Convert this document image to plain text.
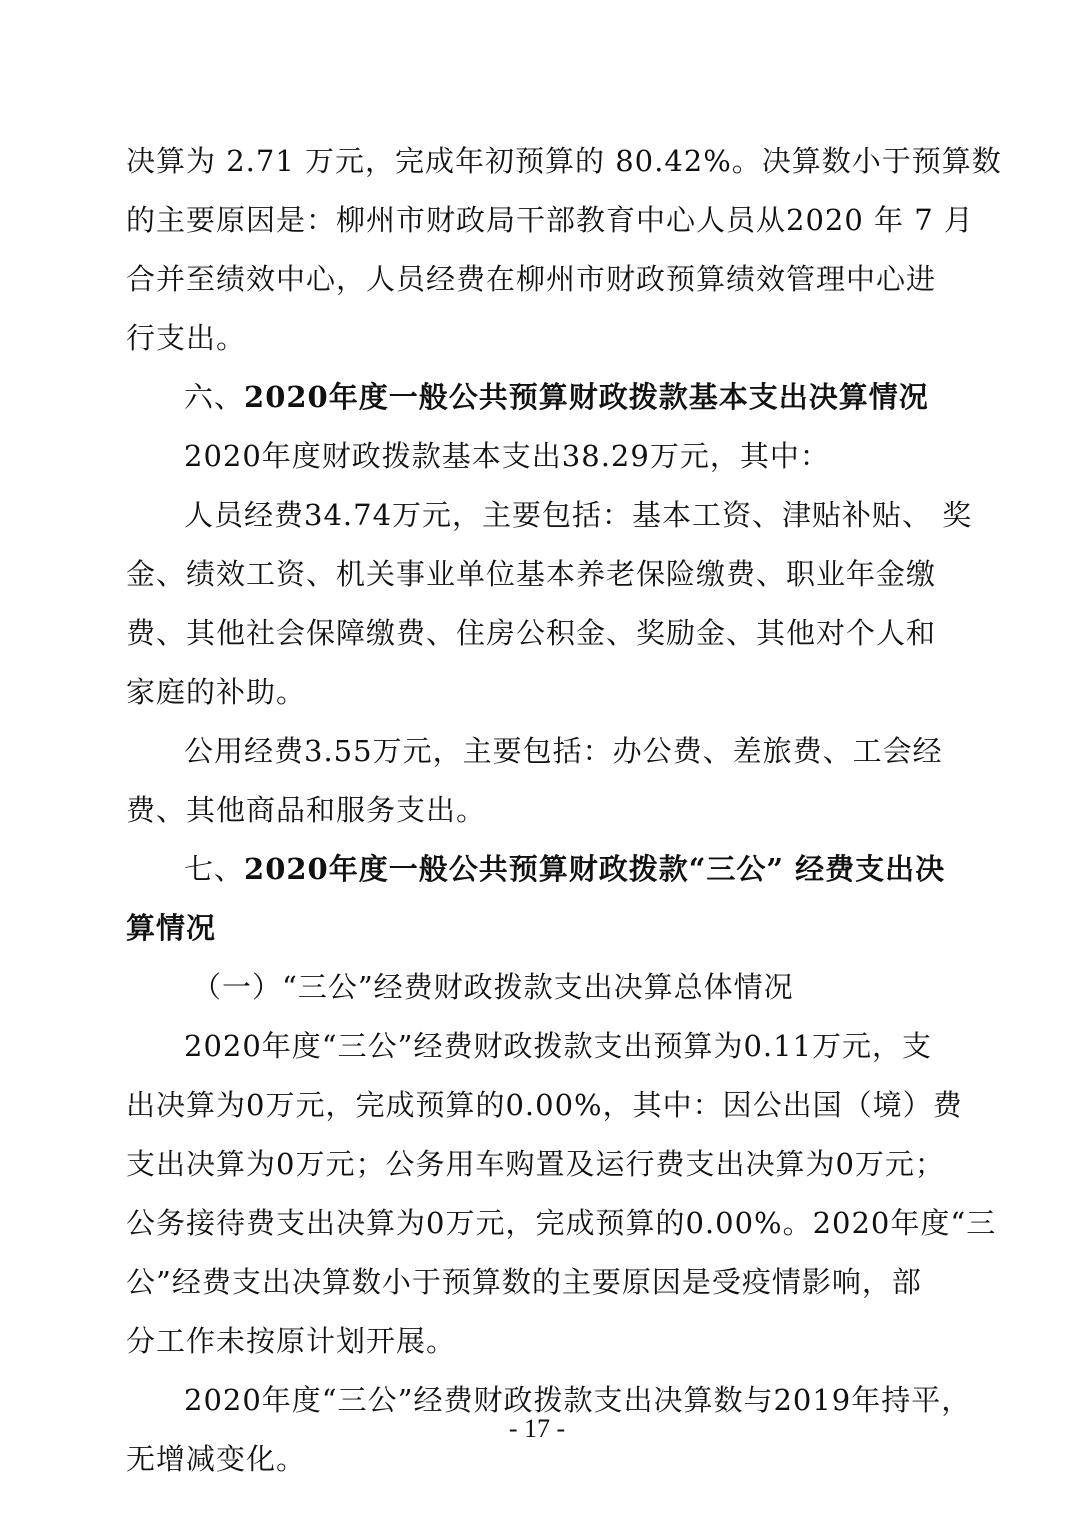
决算为 2.71 万元，完成年初预算的 80.42%。决算数小于预算数

的主要原因是：柳州市财政局干部教育中心人员从2020 年 7 月

合并至绩效中心，人员经费在柳州市财政预算绩效管理中心进

行支出。

六、2020年度一般公共预算财政拨款基本支出决算情况

2020年度财政拨款基本支出38.29万元，其中：

人员经费34.74万元，主要包括：基本工资、津贴补贴、 奖

金、绩效工资、机关事业单位基本养老保险缴费、职业年金缴

费、其他社会保障缴费、住房公积金、奖励金、其他对个人和

家庭的补助。

公用经费3.55万元，主要包括：办公费、差旅费、工会经

费、其他商品和服务支出。

七、2020年度一般公共预算财政拨款“三公” 经费支出决

算情况

（一）“三公”经费财政拨款支出决算总体情况

2020年度“三公”经费财政拨款支出预算为0.11万元，支

出决算为0万元，完成预算的0.00%，其中：因公出国（境）费

支出决算为0万元；公务用车购置及运行费支出决算为0万元；

公务接待费支出决算为0万元，完成预算的0.00%。2020年度“三

公”经费支出决算数小于预算数的主要原因是受疫情影响，部

分工作未按原计划开展。

2020年度“三公”经费财政拨款支出决算数与2019年持平，

无增减变化。

- 17 -
